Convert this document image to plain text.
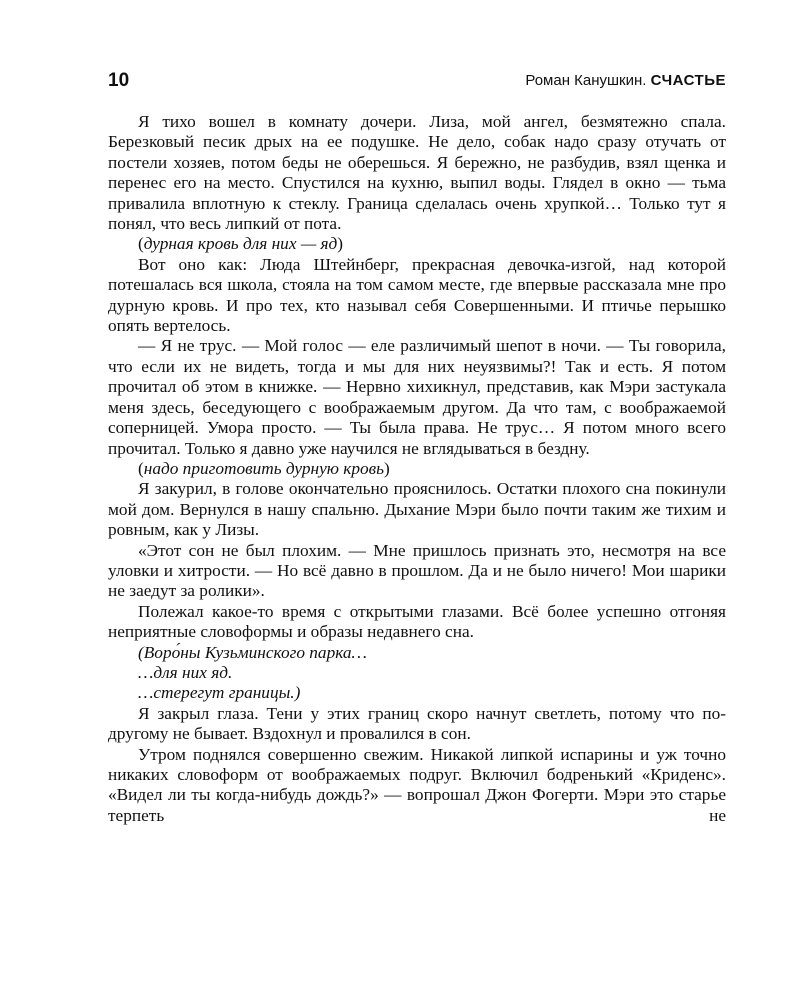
10	Роман Канушкин. СЧАСТЬЕ

Я тихо вошел в комнату дочери. Лиза, мой ангел, безмятежно спала. Березковый песик дрых на ее подушке. Не дело, собак надо сразу отучать от постели хозяев, потом беды не оберешься. Я бережно, не разбудив, взял щенка и перенес его на место. Спустился на кухню, выпил воды. Глядел в окно — тьма привалила вплотную к стеклу. Граница сделалась очень хрупкой… Только тут я понял, что весь липкий от пота.

(дурная кровь для них — яд)

Вот оно как: Люда Штейнберг, прекрасная девочка-изгой, над которой потешалась вся школа, стояла на том самом месте, где впервые рассказала мне про дурную кровь. И про тех, кто называл себя Совершенными. И птичье перышко опять вертелось.

— Я не трус. — Мой голос — еле различимый шепот в ночи. — Ты говорила, что если их не видеть, тогда и мы для них неуязвимы?! Так и есть. Я потом прочитал об этом в книжке. — Нервно хихикнул, представив, как Мэри застукала меня здесь, беседующего с воображаемым другом. Да что там, с воображаемой соперницей. Умора просто. — Ты была права. Не трус… Я потом много всего прочитал. Только я давно уже научился не вглядываться в бездну.

(надо приготовить дурную кровь)

Я закурил, в голове окончательно прояснилось. Остатки плохого сна покинули мой дом. Вернулся в нашу спальню. Дыхание Мэри было почти таким же тихим и ровным, как у Лизы.

«Этот сон не был плохим. — Мне пришлось признать это, несмотря на все уловки и хитрости. — Но всё давно в прошлом. Да и не было ничего! Мои шарики не заедут за ролики».

Полежал какое-то время с открытыми глазами. Всё более успешно отгоняя неприятные словоформы и образы недавнего сна.

(Воро́ны Кузьминского парка…

…для них яд.

…стерегут границы.)

Я закрыл глаза. Тени у этих границ скоро начнут светлеть, потому что по-другому не бывает. Вздохнул и провалился в сон.

Утром поднялся совершенно свежим. Никакой липкой испарины и уж точно никаких словоформ от воображаемых подруг. Включил бодренький «Криденс». «Видел ли ты когда-нибудь дождь?» — вопрошал Джон Фогерти. Мэри это старье терпеть не
